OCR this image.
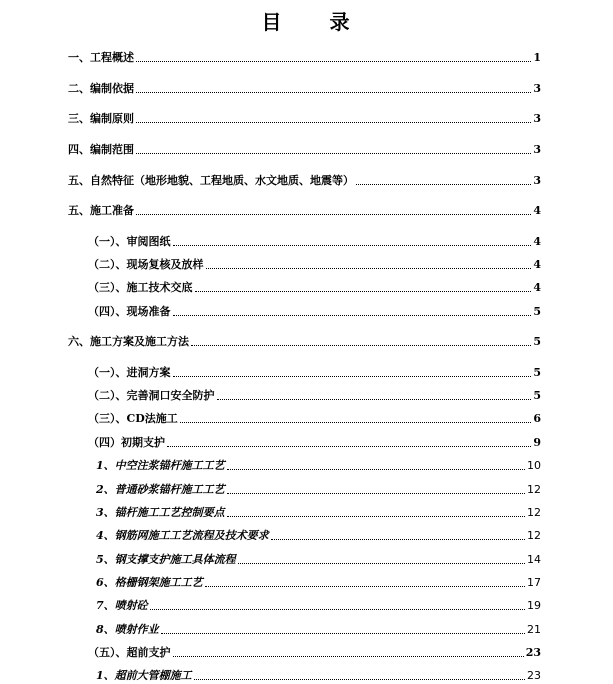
目 录
一、工程概述	1
二、编制依据	3
三、编制原则	3
四、编制范围	3
五、自然特征（地形地貌、工程地质、水文地质、地震等）	3
五、施工准备	4
（一）、审阅图纸	4
（二）、现场复核及放样	4
（三）、施工技术交底	4
（四）、现场准备	5
六、施工方案及施工方法	5
（一）、进洞方案	5
（二）、完善洞口安全防护	5
（三）、CD法施工	6
（四）初期支护	9
1、中空注浆锚杆施工工艺	10
2、普通砂浆锚杆施工工艺	12
3、锚杆施工工艺控制要点	12
4、钢筋网施工工艺流程及技术要求	12
5、钢支撑支护施工具体流程	14
6、格栅钢架施工工艺	17
7、喷射砼	19
8、喷射作业	21
（五）、超前支护	23
1、超前大管棚施工	23
